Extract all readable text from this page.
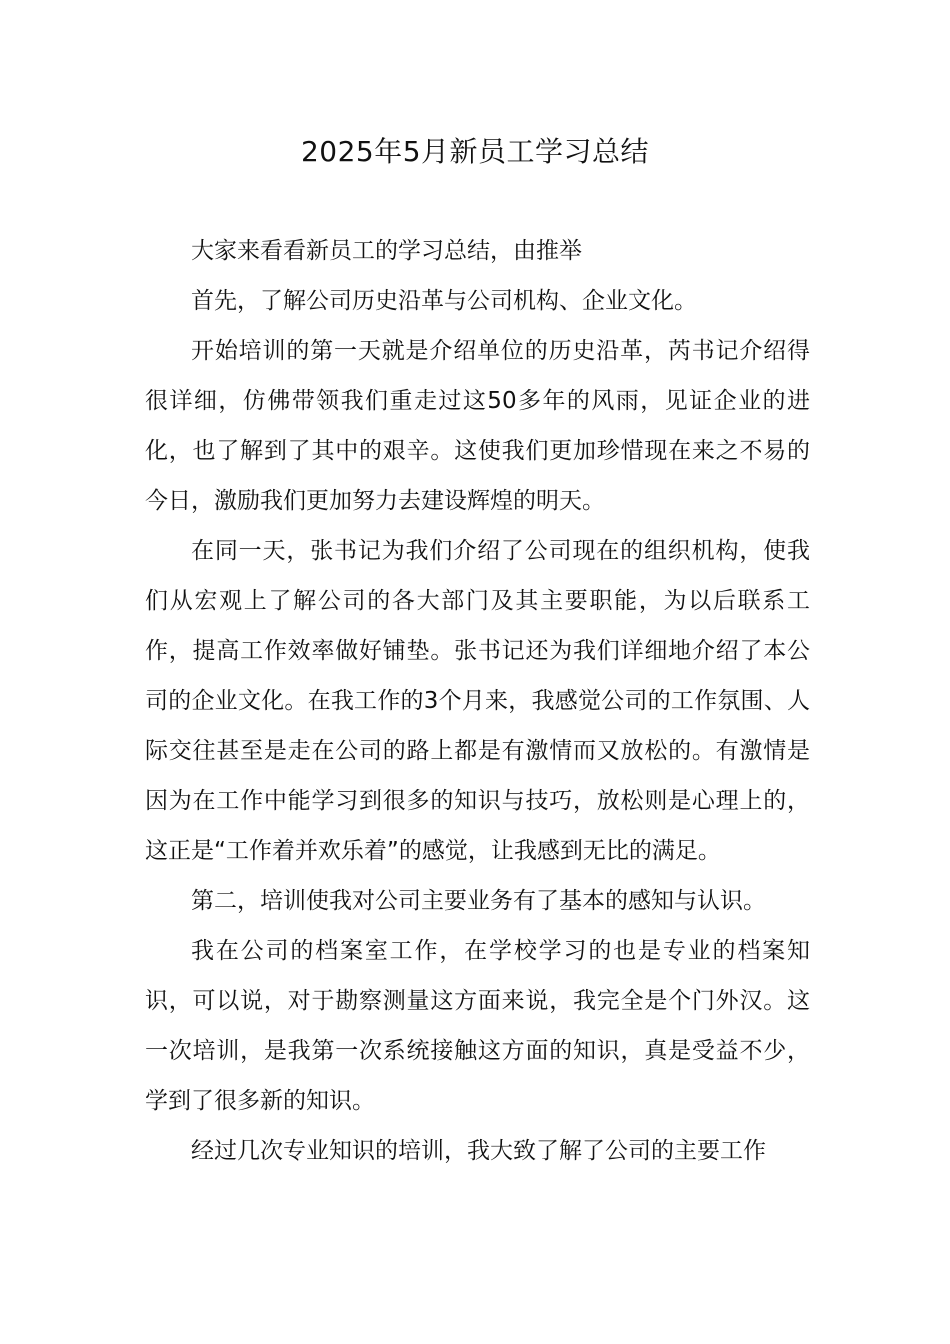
2025年5月新员工学习总结

大家来看看新员工的学习总结，由推举

首先，了解公司历史沿革与公司机构、企业文化。

开始培训的第一天就是介绍单位的历史沿革，芮书记介绍得很详细，仿佛带领我们重走过这50多年的风雨，见证企业的进化，也了解到了其中的艰辛。这使我们更加珍惜现在来之不易的今日，激励我们更加努力去建设辉煌的明天。

在同一天，张书记为我们介绍了公司现在的组织机构，使我们从宏观上了解公司的各大部门及其主要职能，为以后联系工作，提高工作效率做好铺垫。张书记还为我们详细地介绍了本公司的企业文化。在我工作的3个月来，我感觉公司的工作氛围、人际交往甚至是走在公司的路上都是有激情而又放松的。有激情是因为在工作中能学习到很多的知识与技巧，放松则是心理上的，这正是“工作着并欢乐着”的感觉，让我感到无比的满足。

第二，培训使我对公司主要业务有了基本的感知与认识。

我在公司的档案室工作，在学校学习的也是专业的档案知识，可以说，对于勘察测量这方面来说，我完全是个门外汉。这一次培训，是我第一次系统接触这方面的知识，真是受益不少，学到了很多新的知识。

经过几次专业知识的培训，我大致了解了公司的主要工作
